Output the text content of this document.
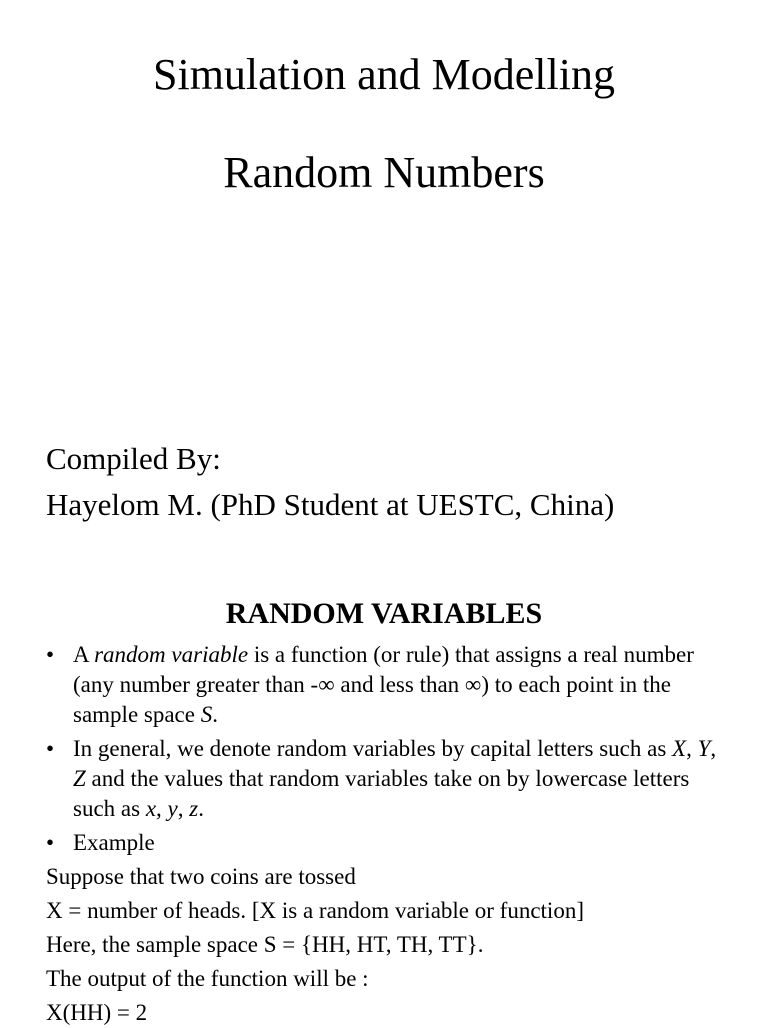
Simulation and Modelling
Random Numbers
Compiled By:
Hayelom M. (PhD Student at UESTC, China)
RANDOM VARIABLES
• A random variable is a function (or rule) that assigns a real number (any number greater than -∞ and less than ∞) to each point in the sample space S.
• In general, we denote random variables by capital letters such as X, Y, Z and the values that random variables take on by lowercase letters such as x, y, z.
• Example
Suppose that two coins are tossed
X = number of heads. [X is a random variable or function]
Here, the sample space S = {HH, HT, TH, TT}.
The output of the function will be :
X(HH) = 2
